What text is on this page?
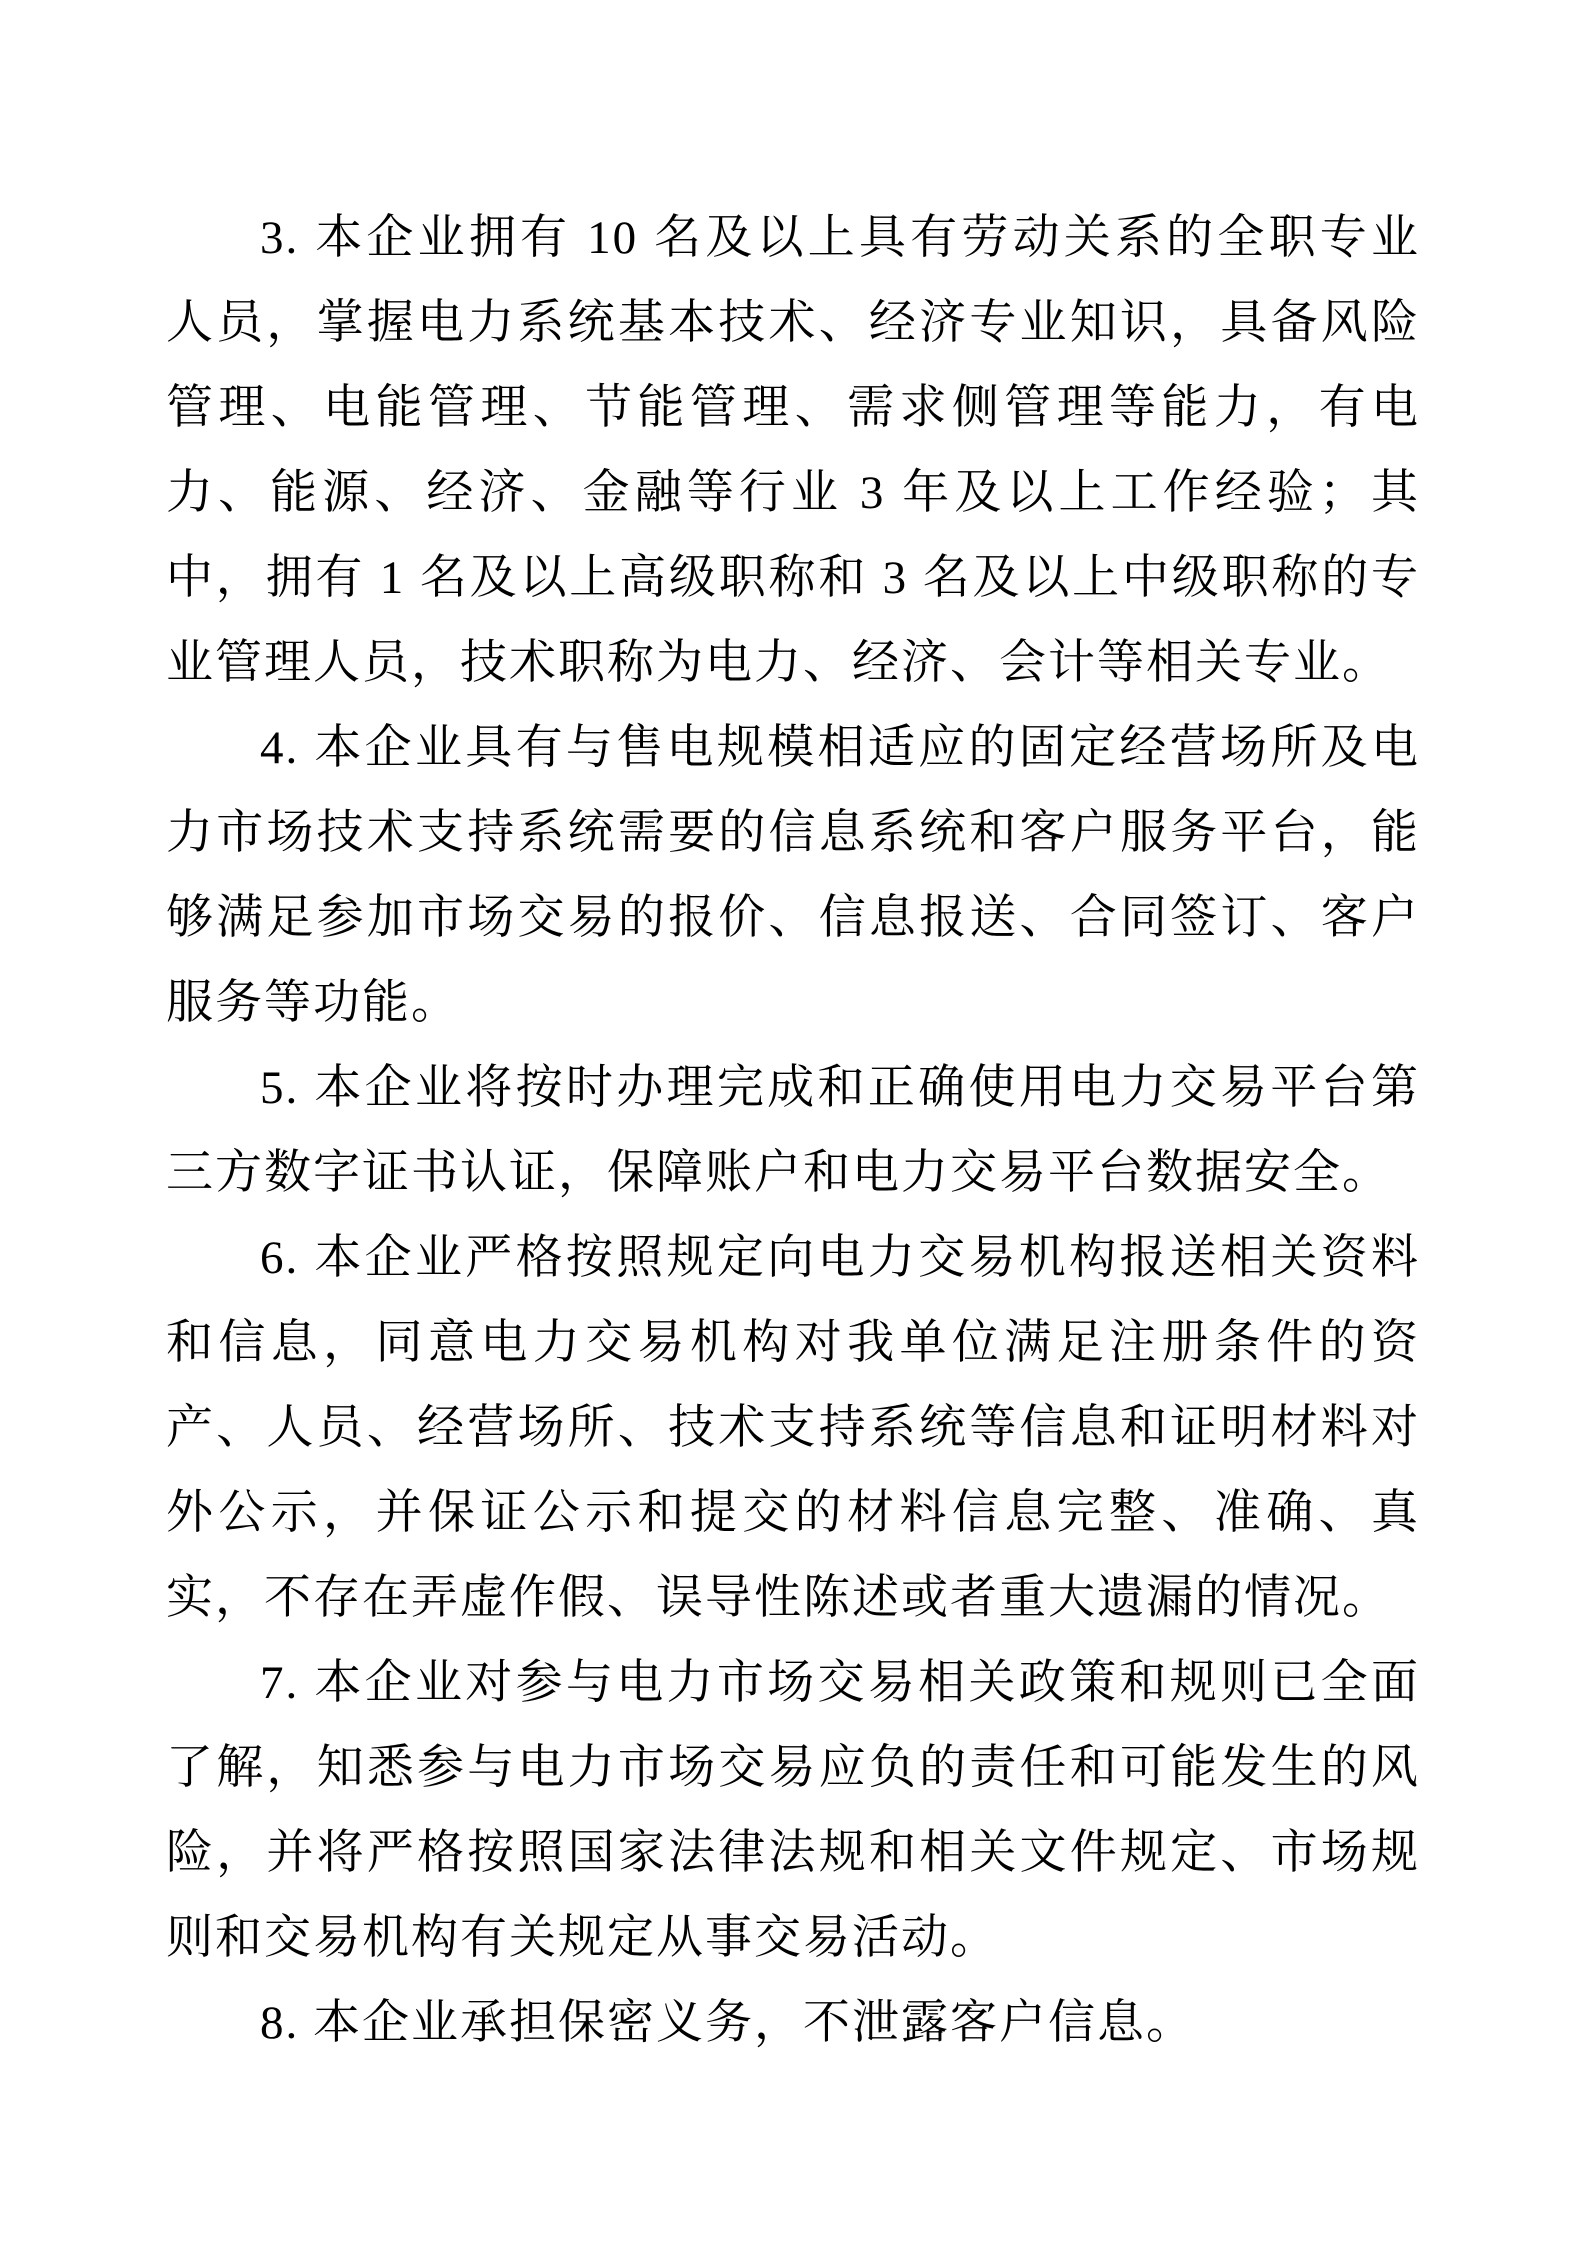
3. 本企业拥有 10 名及以上具有劳动关系的全职专业人员，掌握电力系统基本技术、经济专业知识，具备风险管理、电能管理、节能管理、需求侧管理等能力，有电力、能源、经济、金融等行业 3 年及以上工作经验；其中，拥有 1 名及以上高级职称和 3 名及以上中级职称的专业管理人员，技术职称为电力、经济、会计等相关专业。

4. 本企业具有与售电规模相适应的固定经营场所及电力市场技术支持系统需要的信息系统和客户服务平台，能够满足参加市场交易的报价、信息报送、合同签订、客户服务等功能。

5. 本企业将按时办理完成和正确使用电力交易平台第三方数字证书认证，保障账户和电力交易平台数据安全。

6. 本企业严格按照规定向电力交易机构报送相关资料和信息，同意电力交易机构对我单位满足注册条件的资产、人员、经营场所、技术支持系统等信息和证明材料对外公示，并保证公示和提交的材料信息完整、准确、真实，不存在弄虚作假、误导性陈述或者重大遗漏的情况。

7. 本企业对参与电力市场交易相关政策和规则已全面了解，知悉参与电力市场交易应负的责任和可能发生的风险，并将严格按照国家法律法规和相关文件规定、市场规则和交易机构有关规定从事交易活动。

8. 本企业承担保密义务，不泄露客户信息。
